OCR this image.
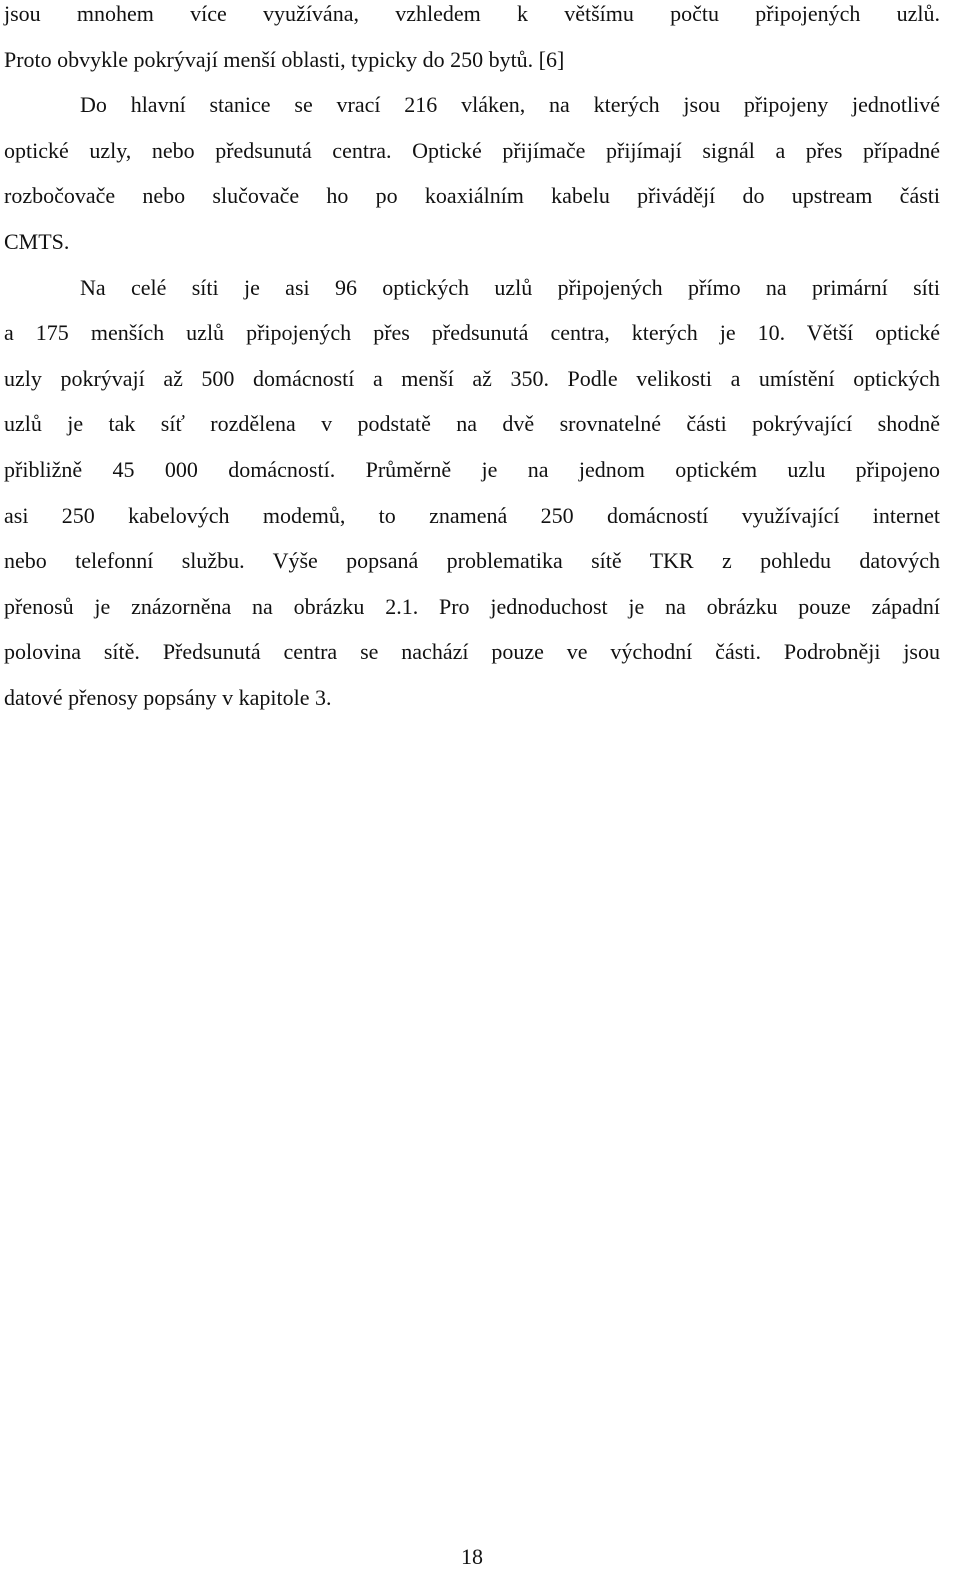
jsou mnohem více využívána, vzhledem k většímu počtu připojených uzlů.
Proto obvykle pokrývají menší oblasti, typicky do 250 bytů. [6]
Do hlavní stanice se vrací 216 vláken, na kterých jsou připojeny jednotlivé
optické uzly, nebo předsunutá centra. Optické přijímače přijímají signál a přes případné
rozbočovače nebo slučovače ho po koaxiálním kabelu přivádějí do upstream části
CMTS.
Na celé síti je asi 96 optických uzlů připojených přímo na primární síti
a 175 menších uzlů připojených přes předsunutá centra, kterých je 10. Větší optické
uzly pokrývají až 500 domácností a menší až 350. Podle velikosti a umístění optických
uzlů je tak síť rozdělena v podstatě na dvě srovnatelné části pokrývající shodně
přibližně 45 000 domácností. Průměrně je na jednom optickém uzlu připojeno
asi 250 kabelových modemů, to znamená 250 domácností využívající internet
nebo telefonní službu. Výše popsaná problematika sítě TKR z pohledu datových
přenosů je znázorněna na obrázku 2.1. Pro jednoduchost je na obrázku pouze západní
polovina sítě. Předsunutá centra se nachází pouze ve východní části. Podrobněji jsou
datové přenosy popsány v kapitole 3.
18
